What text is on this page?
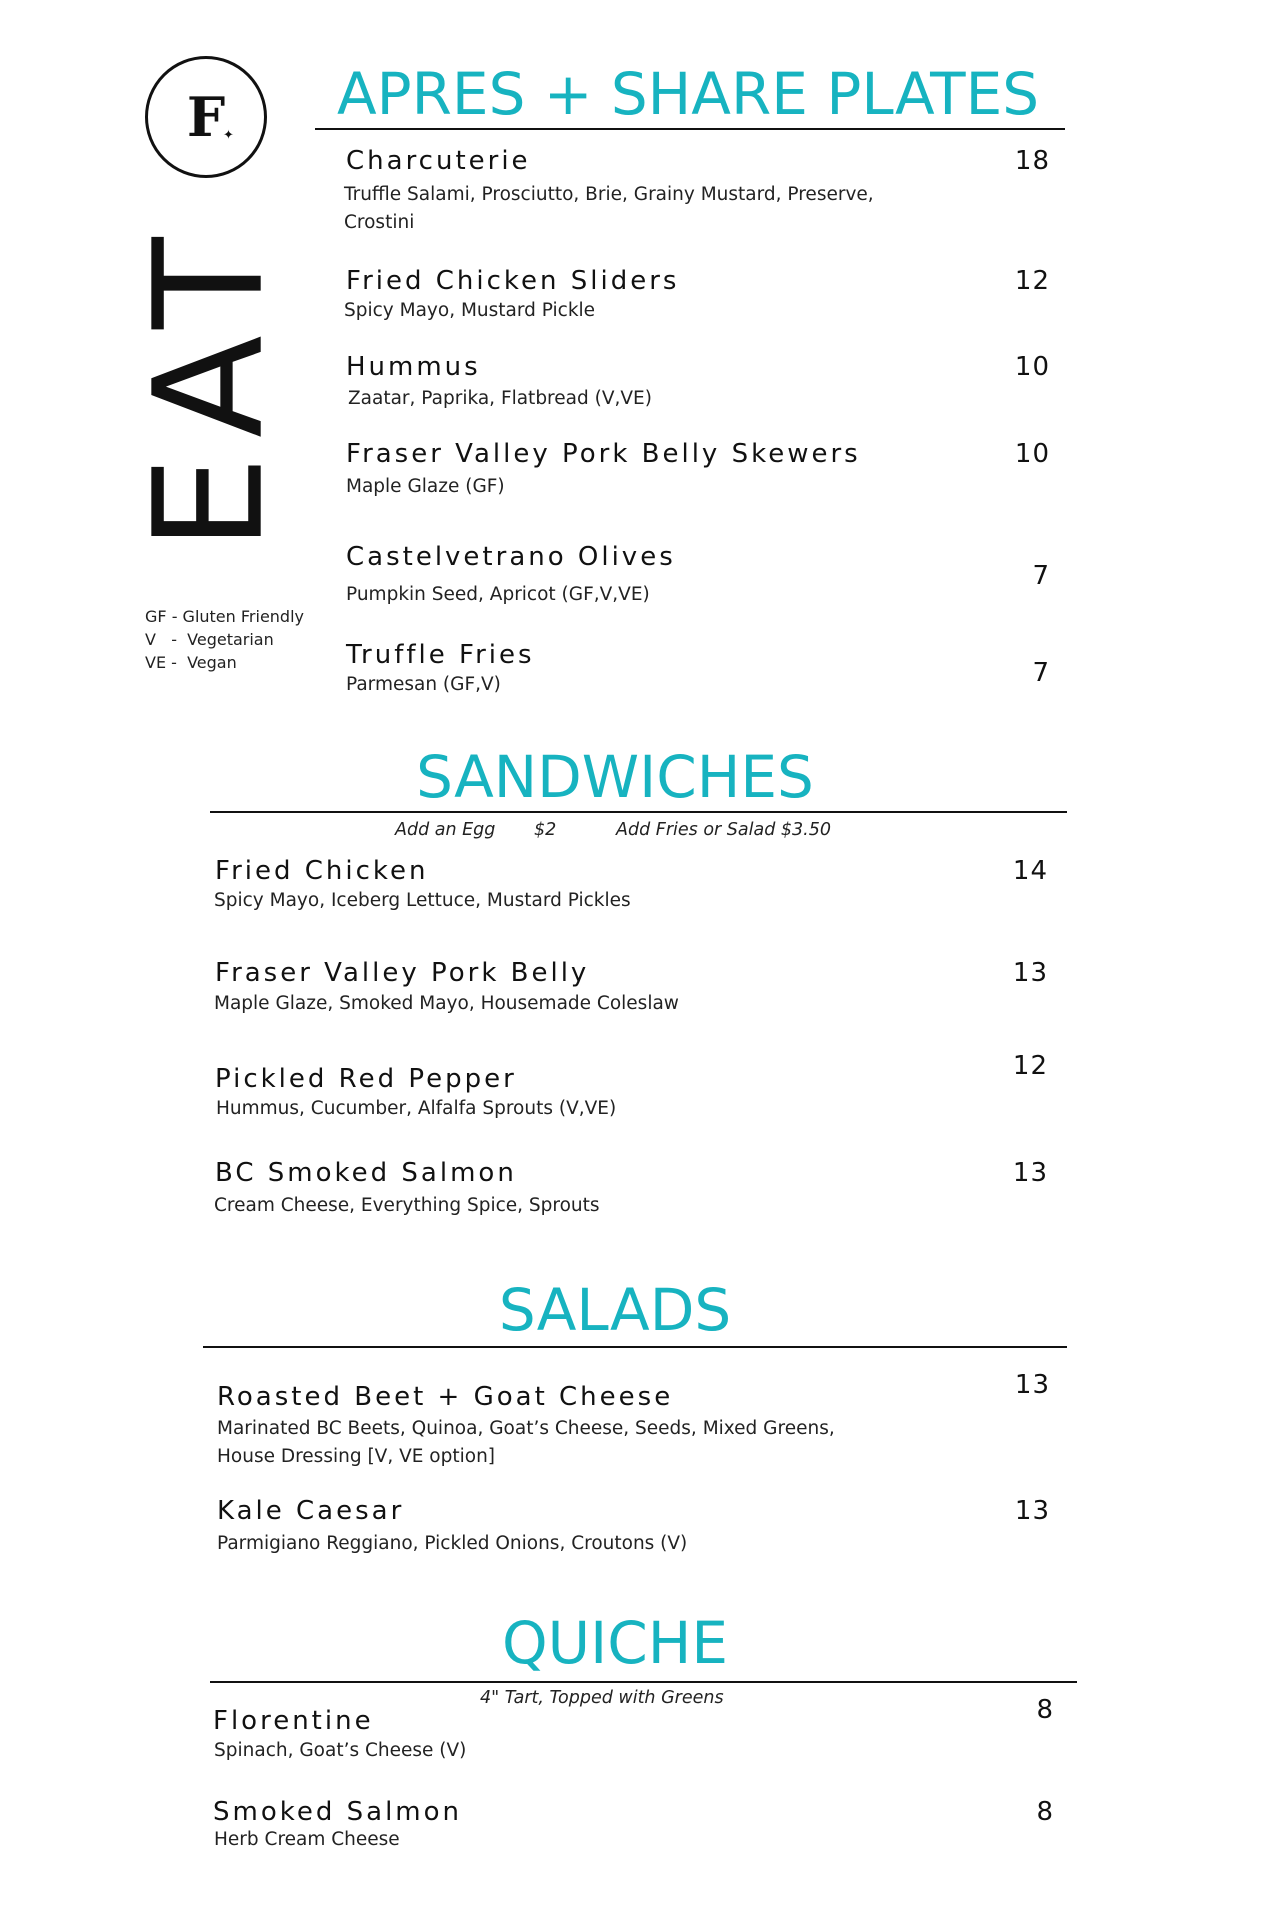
F
✦
EAT
GF - Gluten Friendly
V   -  Vegetarian
VE -  Vegan
APRES + SHARE PLATES
Charcuterie
Truffle Salami, Prosciutto, Brie, Grainy Mustard, Preserve, Crostini
18
Fried Chicken Sliders
Spicy Mayo, Mustard Pickle
12
Hummus
Zaatar, Paprika, Flatbread (V,VE)
10
Fraser Valley Pork Belly Skewers
Maple Glaze (GF)
10
Castelvetrano Olives
Pumpkin Seed, Apricot (GF,V,VE)
7
Truffle Fries
Parmesan (GF,V)	7
SANDWICHES
Add an Egg $2	Add Fries or Salad $3.50
Fried Chicken
Spicy Mayo, Iceberg Lettuce, Mustard Pickles
14
Fraser Valley Pork Belly
Maple Glaze, Smoked Mayo, Housemade Coleslaw
13
Pickled Red Pepper
Hummus, Cucumber, Alfalfa Sprouts (V,VE)
12
BC Smoked Salmon
Cream Cheese, Everything Spice, Sprouts
13
SALADS
Roasted Beet + Goat Cheese
Marinated BC Beets, Quinoa, Goat’s Cheese, Seeds, Mixed Greens, House Dressing [V, VE option]
13
Kale Caesar
Parmigiano Reggiano, Pickled Onions, Croutons (V)
13
QUICHE
4" Tart, Topped with Greens
Florentine
Spinach, Goat’s Cheese (V)
8
Smoked Salmon
Herb Cream Cheese
8
